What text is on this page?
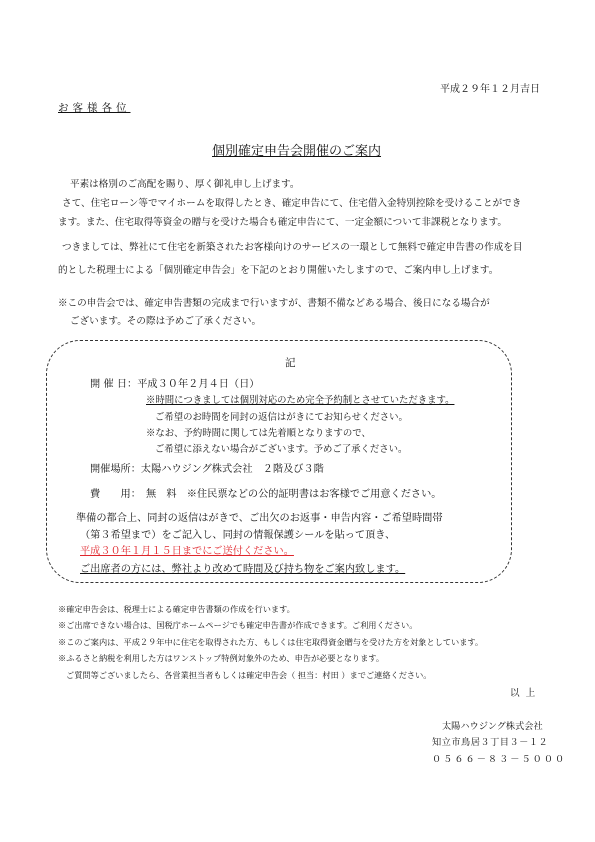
平成２９年１２月吉日
お客様各位
個別確定申告会開催のご案内
平素は格別のご高配を賜り、厚く御礼申し上げます。
さて、住宅ローン等でマイホームを取得したとき、確定申告にて、住宅借入金特別控除を受けることができ
ます。また、住宅取得等資金の贈与を受けた場合も確定申告にて、一定金額について非課税となります。
つきましては、弊社にて住宅を新築されたお客様向けのサービスの一環として無料で確定申告書の作成を目
的とした税理士による「個別確定申告会」を下記のとおり開催いたしますので、ご案内申し上げます。
※この申告会では、確定申告書類の完成まで行いますが、書類不備などある場合、後日になる場合が
ございます。その際は予めご了承ください。
記
開 催 日：平成３０年２月４日（日）
※時間につきましては個別対応のため完全予約制とさせていただきます。
ご希望のお時間を同封の返信はがきにてお知らせください。
※なお、予約時間に関しては先着順となりますので、
ご希望に添えない場合がございます。予めご了承ください。
開催場所：太陽ハウジング株式会社　２階及び３階
費　　用：　無　料　※住民票などの公的証明書はお客様でご用意ください。
準備の都合上、同封の返信はがきで、ご出欠のお返事・申告内容・ご希望時間帯
（第３希望まで）をご記入し、同封の情報保護シールを貼って頂き、
平成３０年１月１５日までにご送付ください。
ご出席者の方には、弊社より改めて時間及び持ち物をご案内致します。
※確定申告会は、税理士による確定申告書類の作成を行います。
※ご出席できない場合は、国税庁ホームページでも確定申告書が作成できます。ご利用ください。
※このご案内は、平成２９年中に住宅を取得された方、もしくは住宅取得資金贈与を受けた方を対象としています。
※ふるさと納税を利用した方はワンストップ特例対象外のため、申告が必要となります。
ご質問等ございましたら、各営業担当者もしくは確定申告会（ 担当：村田 ）までご連絡ください。
以上
太陽ハウジング株式会社
知立市鳥居３丁目３－１２
０５６６－８３－５０００
